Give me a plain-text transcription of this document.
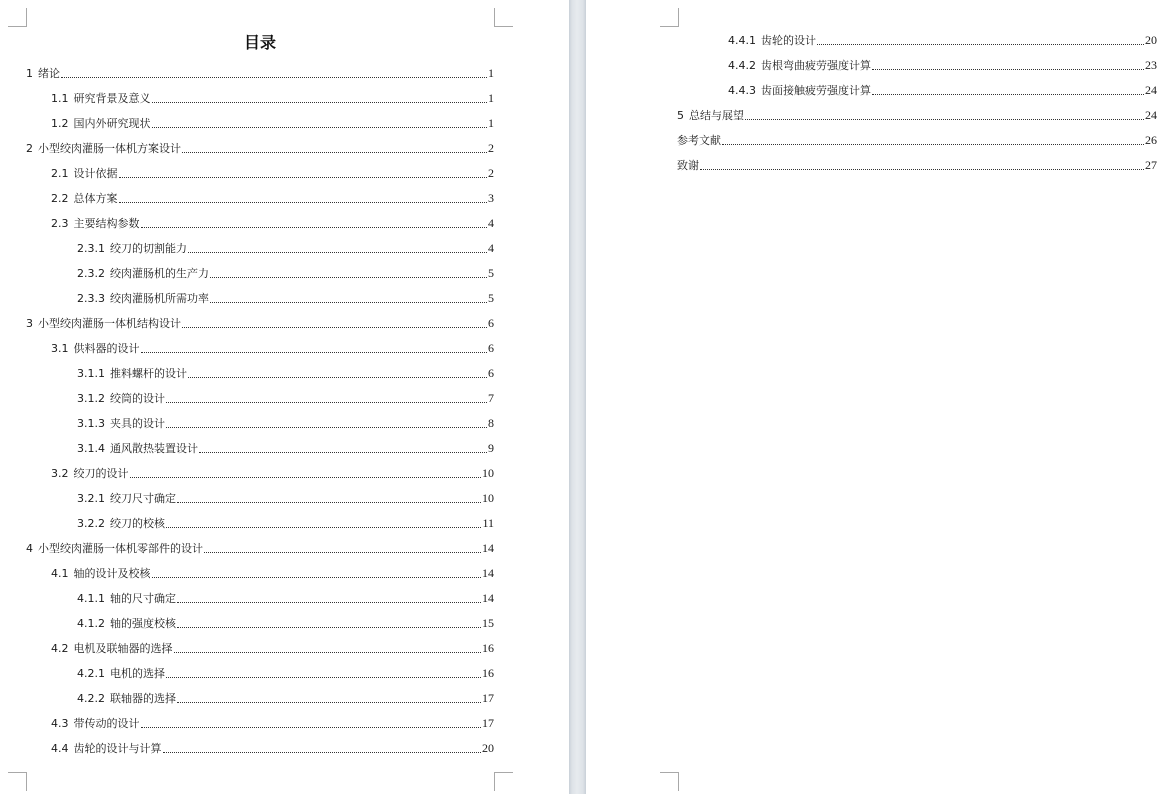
目录
1 绪论	1
1.1 研究背景及意义	1
1.2 国内外研究现状	1
2 小型绞肉灌肠一体机方案设计	2
2.1 设计依据	2
2.2 总体方案	3
2.3 主要结构参数	4
2.3.1 绞刀的切割能力	4
2.3.2 绞肉灌肠机的生产力	5
2.3.3 绞肉灌肠机所需功率	5
3 小型绞肉灌肠一体机结构设计	6
3.1 供料器的设计	6
3.1.1 推料螺杆的设计	6
3.1.2 绞筒的设计	7
3.1.3 夹具的设计	8
3.1.4 通风散热装置设计	9
3.2 绞刀的设计	10
3.2.1 绞刀尺寸确定	10
3.2.2 绞刀的校核	11
4 小型绞肉灌肠一体机零部件的设计	14
4.1 轴的设计及校核	14
4.1.1 轴的尺寸确定	14
4.1.2 轴的强度校核	15
4.2 电机及联轴器的选择	16
4.2.1 电机的选择	16
4.2.2 联轴器的选择	17
4.3 带传动的设计	17
4.4 齿轮的设计与计算	20
4.4.1 齿轮的设计	20
4.4.2 齿根弯曲疲劳强度计算	23
4.4.3 齿面接触疲劳强度计算	24
5 总结与展望	24
参考文献	26
致谢	27
